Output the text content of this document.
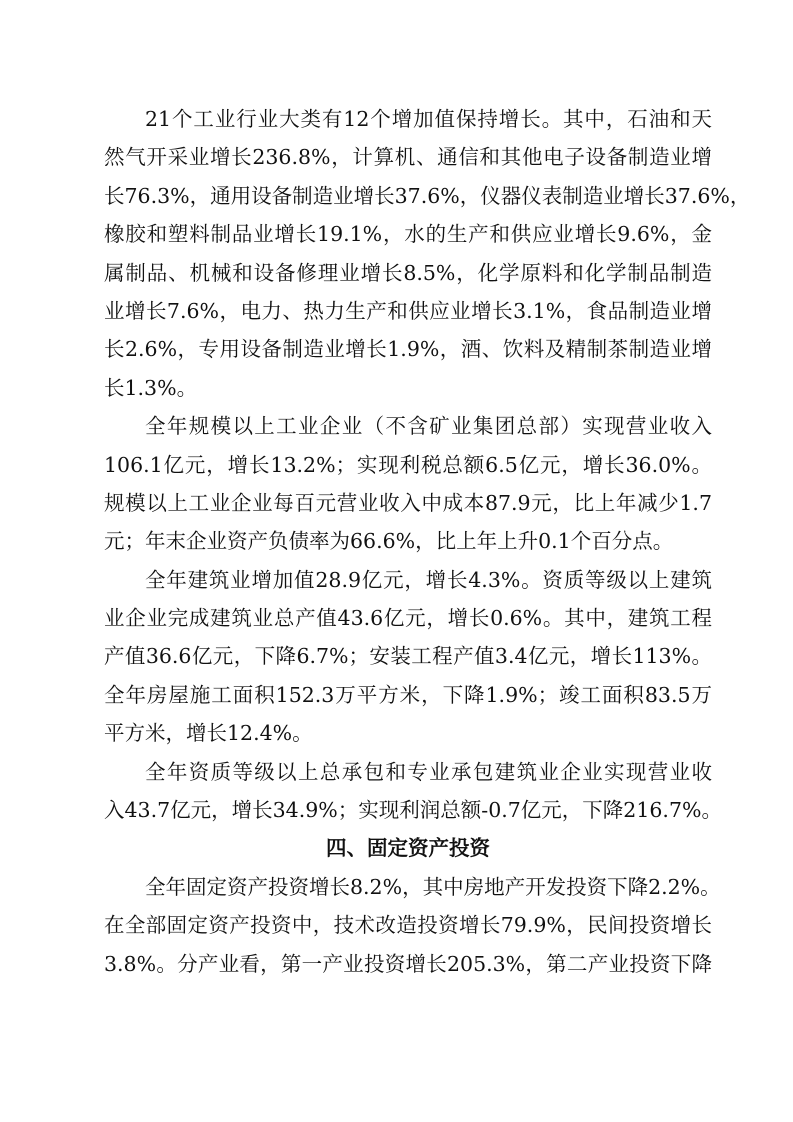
21个工业行业大类有12个增加值保持增长。其中，石油和天
然气开采业增长236.8%，计算机、通信和其他电子设备制造业增
长76.3%，通用设备制造业增长37.6%，仪器仪表制造业增长37.6%，
橡胶和塑料制品业增长19.1%，水的生产和供应业增长9.6%，金
属制品、机械和设备修理业增长8.5%，化学原料和化学制品制造
业增长7.6%，电力、热力生产和供应业增长3.1%，食品制造业增
长2.6%，专用设备制造业增长1.9%，酒、饮料及精制茶制造业增
长1.3%。
全年规模以上工业企业（不含矿业集团总部）实现营业收入
106.1亿元，增长13.2%；实现利税总额6.5亿元，增长36.0%。
规模以上工业企业每百元营业收入中成本87.9元，比上年减少1.7
元；年末企业资产负债率为66.6%，比上年上升0.1个百分点。
全年建筑业增加值28.9亿元，增长4.3%。资质等级以上建筑
业企业完成建筑业总产值43.6亿元，增长0.6%。其中，建筑工程
产值36.6亿元，下降6.7%；安装工程产值3.4亿元，增长113%。
全年房屋施工面积152.3万平方米，下降1.9%；竣工面积83.5万
平方米，增长12.4%。
全年资质等级以上总承包和专业承包建筑业企业实现营业收
入43.7亿元，增长34.9%；实现利润总额-0.7亿元，下降216.7%。
四、固定资产投资
全年固定资产投资增长8.2%，其中房地产开发投资下降2.2%。
在全部固定资产投资中，技术改造投资增长79.9%，民间投资增长
3.8%。分产业看，第一产业投资增长205.3%，第二产业投资下降
